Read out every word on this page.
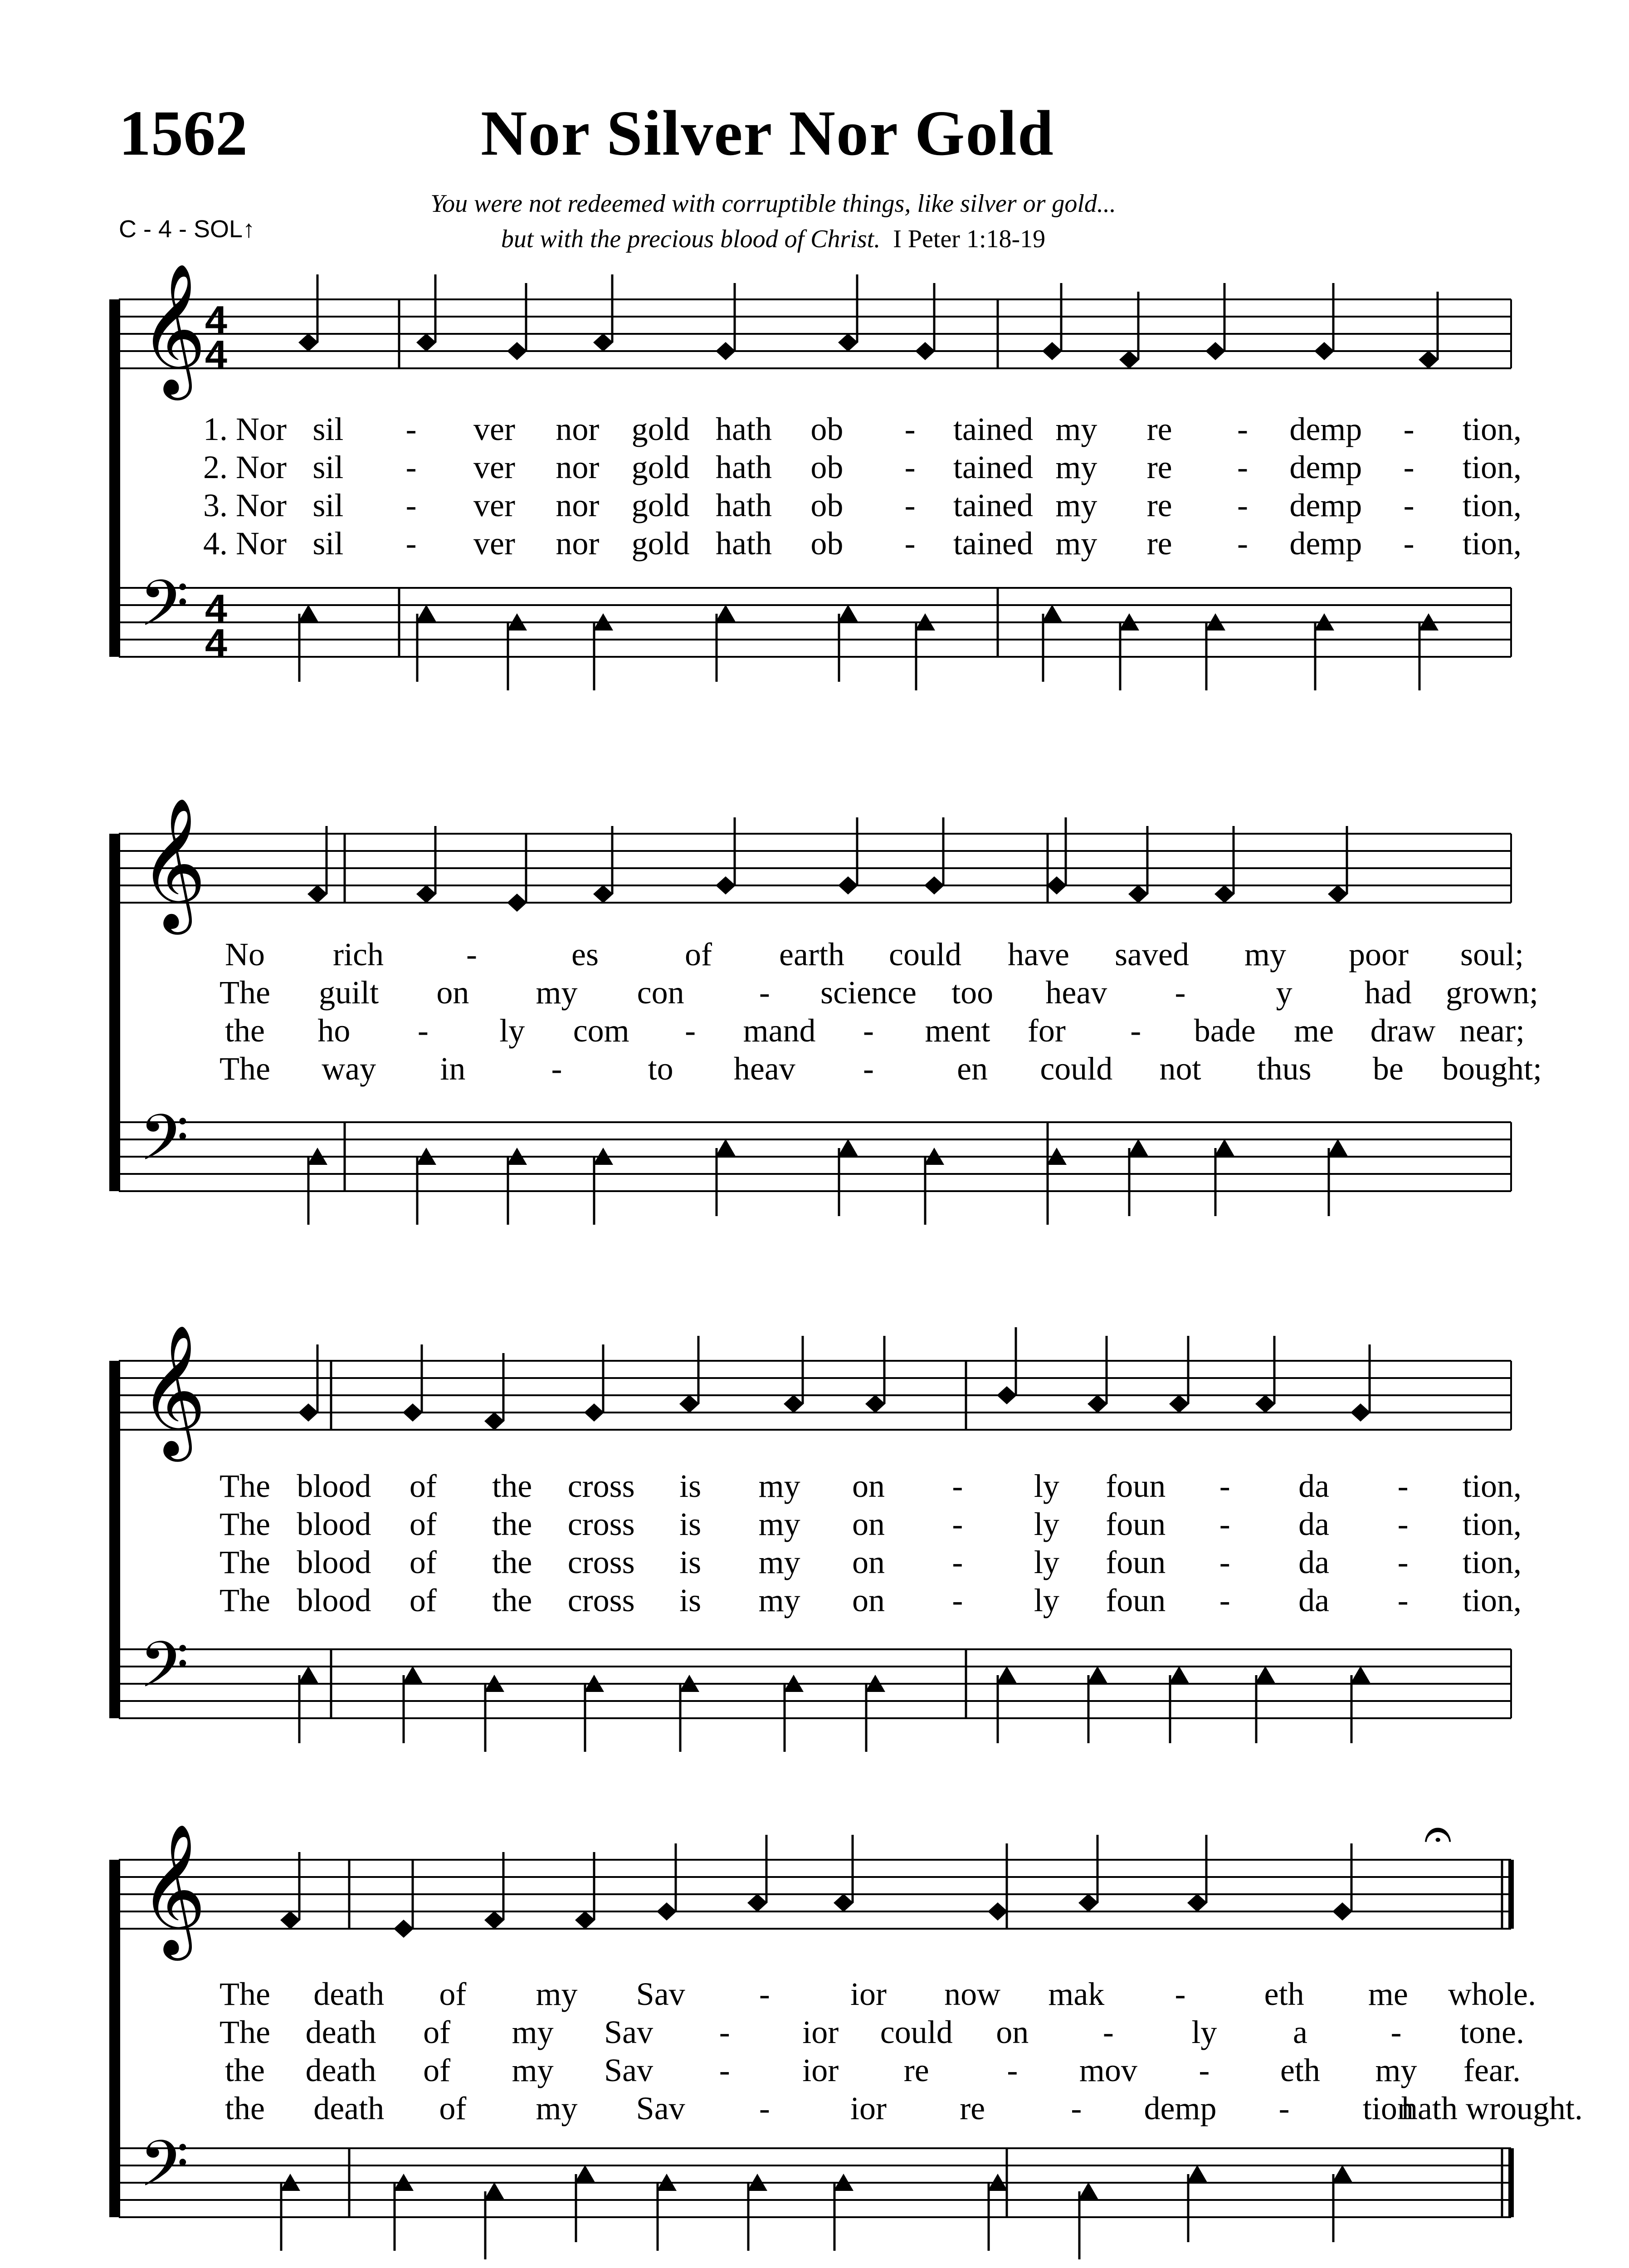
1562	Nor Silver Nor Gold
C - 4 - SOL↑
You were not redeemed with corruptible things, like silver or gold...
but with the precious blood of Christ. I Peter 1:18-19
𝄞
4
4
𝄢 4
4
1. Nor sil - ver nor gold hath ob - tained my re - demp - tion,
2. Nor sil - ver nor gold hath ob - tained my re - demp - tion,
3. Nor sil - ver nor gold hath ob - tained my re - demp - tion,
4. Nor sil - ver nor gold hath ob - tained my re - demp - tion,
𝄞
𝄢
No rich	-	es	of earth could have saved my poor soul;
The guilt on my con - science too heav -	y had grown;
the ho - ly com - mand - ment for - bade me draw near;
The way in	-	to heav -	en could not thus be bought;
𝄞
𝄢
The blood of the cross is my on - ly foun - da - tion,
The blood of the cross is my on - ly foun - da - tion,
The blood of the cross is my on - ly foun - da - tion,
The blood of the cross is my on - ly foun - da - tion,
𝄞
𝄢
𝄐
The death of my Sav - ior now mak - eth me whole.
The death of my Sav - ior could on - ly a	- tone.
the death of my Sav - ior re - mov - eth my fear.
the death of my Sav - ior re	- demp - tion
hath wrought.
